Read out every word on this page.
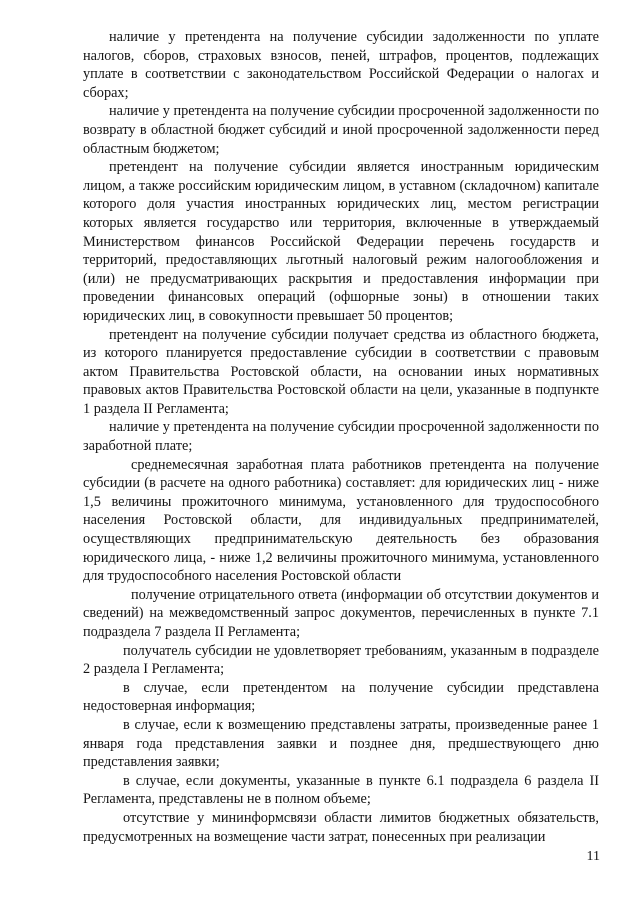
наличие у претендента на получение субсидии задолженности по уплате налогов, сборов, страховых взносов, пеней, штрафов, процентов, подлежащих уплате в соответствии с законодательством Российской Федерации о налогах и сборах;

наличие у претендента на получение субсидии просроченной задолженности по возврату в областной бюджет субсидий и иной просроченной задолженности перед областным бюджетом;

претендент на получение субсидии является иностранным юридическим лицом, а также российским юридическим лицом, в уставном (складочном) капитале которого доля участия иностранных юридических лиц, местом регистрации которых является государство или территория, включенные в утверждаемый Министерством финансов Российской Федерации перечень государств и территорий, предоставляющих льготный налоговый режим налогообложения и (или) не предусматривающих раскрытия и предоставления информации при проведении финансовых операций (офшорные зоны) в отношении таких юридических лиц, в совокупности превышает 50 процентов;

претендент на получение субсидии получает средства из областного бюджета, из которого планируется предоставление субсидии в соответствии с правовым актом Правительства Ростовской области, на основании иных нормативных правовых актов Правительства Ростовской области на цели, указанные в подпункте 1 раздела II Регламента;

наличие у претендента на получение субсидии просроченной задолженности по заработной плате;

среднемесячная заработная плата работников претендента на получение субсидии (в расчете на одного работника) составляет: для юридических лиц - ниже 1,5 величины прожиточного минимума, установленного для трудоспособного населения Ростовской области, для индивидуальных предпринимателей, осуществляющих предпринимательскую деятельность без образования юридического лица, - ниже 1,2 величины прожиточного минимума, установленного для трудоспособного населения Ростовской области

получение отрицательного ответа (информации об отсутствии документов и сведений) на межведомственный запрос документов, перечисленных в пункте 7.1 подраздела 7 раздела II Регламента;

получатель субсидии не удовлетворяет требованиям, указанным в подразделе 2 раздела I Регламента;

в случае, если претендентом на получение субсидии представлена недостоверная информация;

в случае, если к возмещению представлены затраты, произведенные ранее 1 января года представления заявки и позднее дня, предшествующего дню представления заявки;

в случае, если документы, указанные в пункте 6.1 подраздела 6 раздела II Регламента, представлены не в полном объеме;

отсутствие у мининформсвязи области лимитов бюджетных обязательств, предусмотренных на возмещение части затрат, понесенных при реализации

11
